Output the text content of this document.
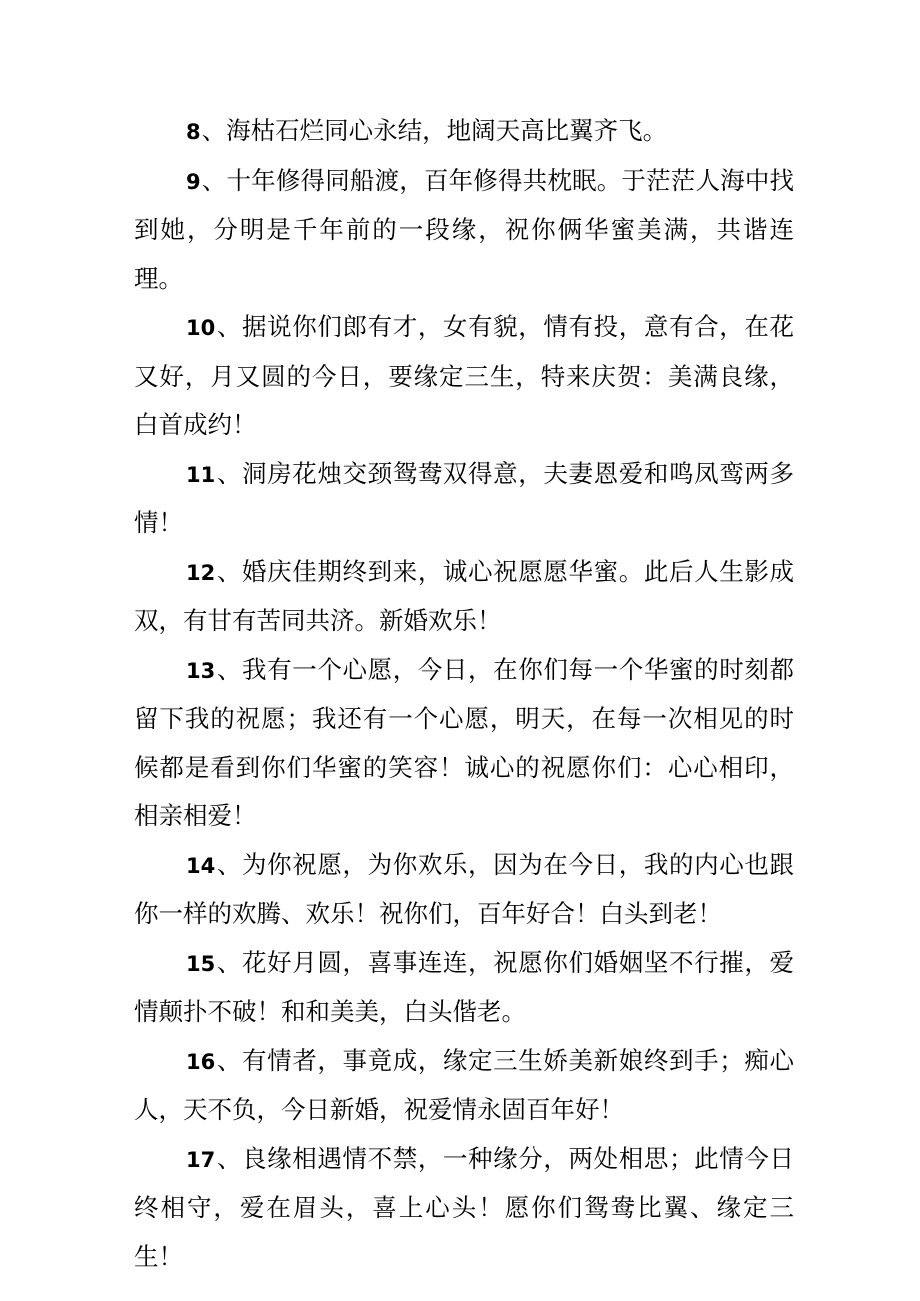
8、海枯石烂同心永结，地阔天高比翼齐飞。

9、十年修得同船渡，百年修得共枕眠。于茫茫人海中找到她，分明是千年前的一段缘，祝你俩华蜜美满，共谐连理。

10、据说你们郎有才，女有貌，情有投，意有合，在花又好，月又圆的今日，要缘定三生，特来庆贺：美满良缘，白首成约！

11、洞房花烛交颈鸳鸯双得意，夫妻恩爱和鸣凤鸾两多情！

12、婚庆佳期终到来，诚心祝愿愿华蜜。此后人生影成双，有甘有苦同共济。新婚欢乐！

13、我有一个心愿，今日，在你们每一个华蜜的时刻都留下我的祝愿；我还有一个心愿，明天，在每一次相见的时候都是看到你们华蜜的笑容！诚心的祝愿你们：心心相印，相亲相爱！

14、为你祝愿，为你欢乐，因为在今日，我的内心也跟你一样的欢腾、欢乐！祝你们，百年好合！白头到老！

15、花好月圆，喜事连连，祝愿你们婚姻坚不行摧，爱情颠扑不破！和和美美，白头偕老。

16、有情者，事竟成，缘定三生娇美新娘终到手；痴心人，天不负，今日新婚，祝爱情永固百年好！

17、良缘相遇情不禁，一种缘分，两处相思；此情今日终相守，爱在眉头，喜上心头！愿你们鸳鸯比翼、缘定三生！
